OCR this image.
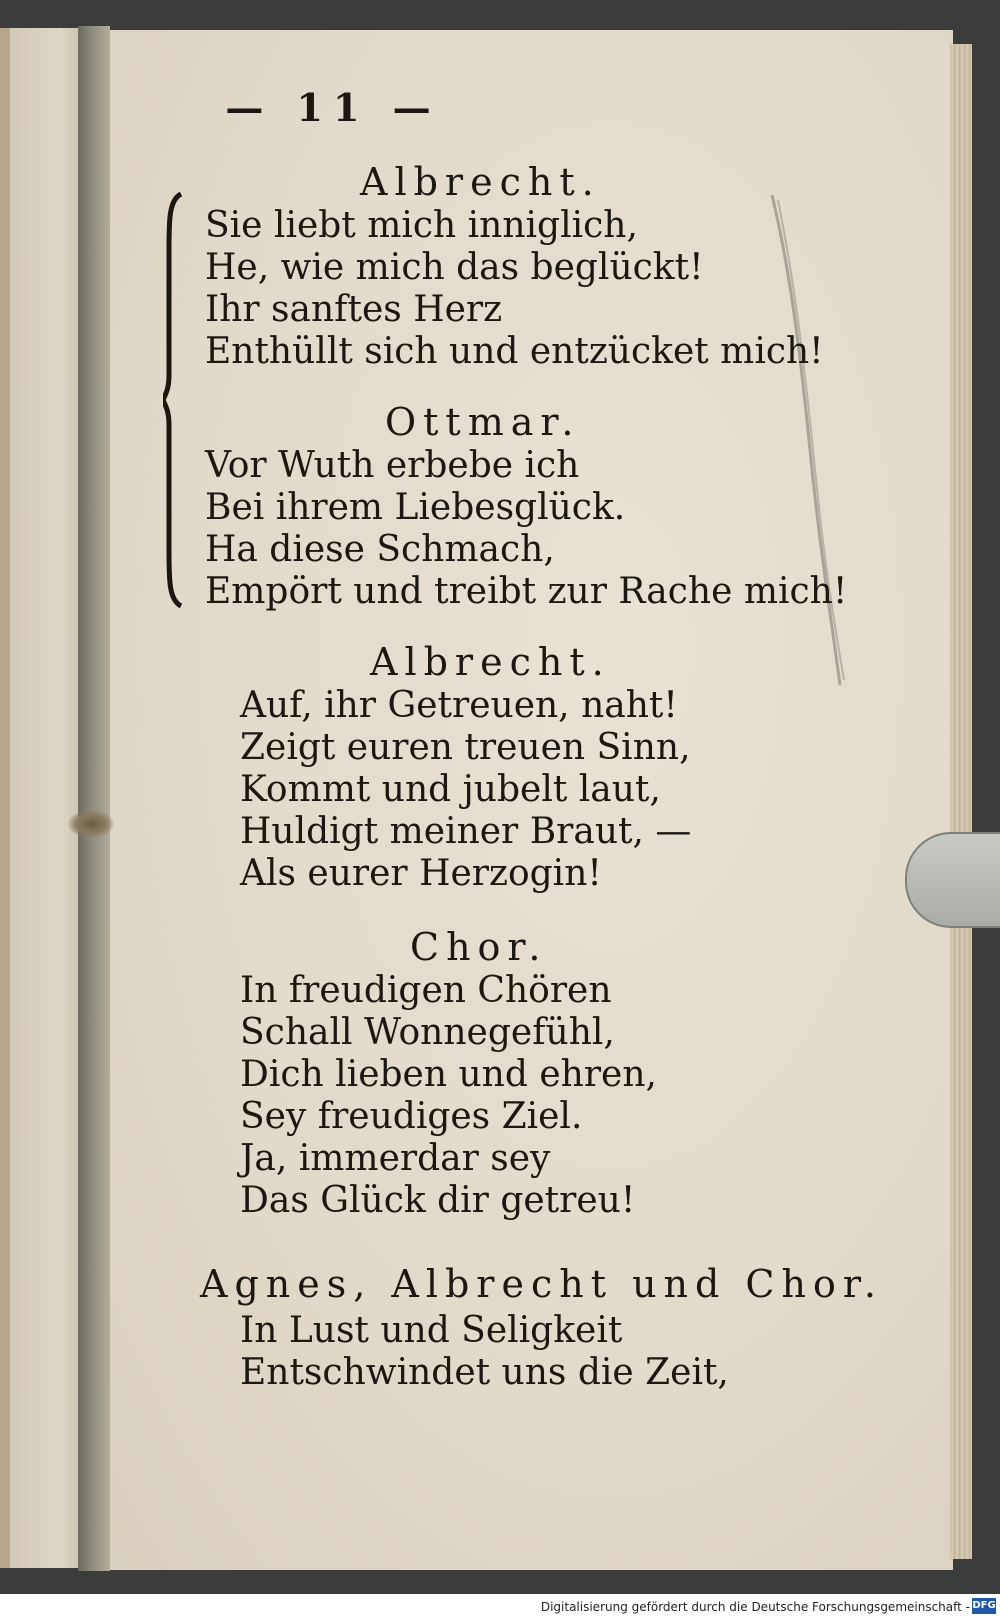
— 11 —
Albrecht.
Sie liebt mich inniglich,
He, wie mich das beglückt!
Ihr sanftes Herz
Enthüllt sich und entzücket mich!
Ottmar.
Vor Wuth erbebe ich
Bei ihrem Liebesglück.
Ha diese Schmach,
Empört und treibt zur Rache mich!
Albrecht.
Auf, ihr Getreuen, naht!
Zeigt euren treuen Sinn,
Kommt und jubelt laut,
Huldigt meiner Braut, —
Als eurer Herzogin!
Chor.
In freudigen Chören
Schall Wonnegefühl,
Dich lieben und ehren,
Sey freudiges Ziel.
Ja, immerdar sey
Das Glück dir getreu!
Agnes, Albrecht und Chor.
In Lust und Seligkeit
Entschwindet uns die Zeit,
Digitalisierung gefördert durch die Deutsche Forschungsgemeinschaft - DFG
